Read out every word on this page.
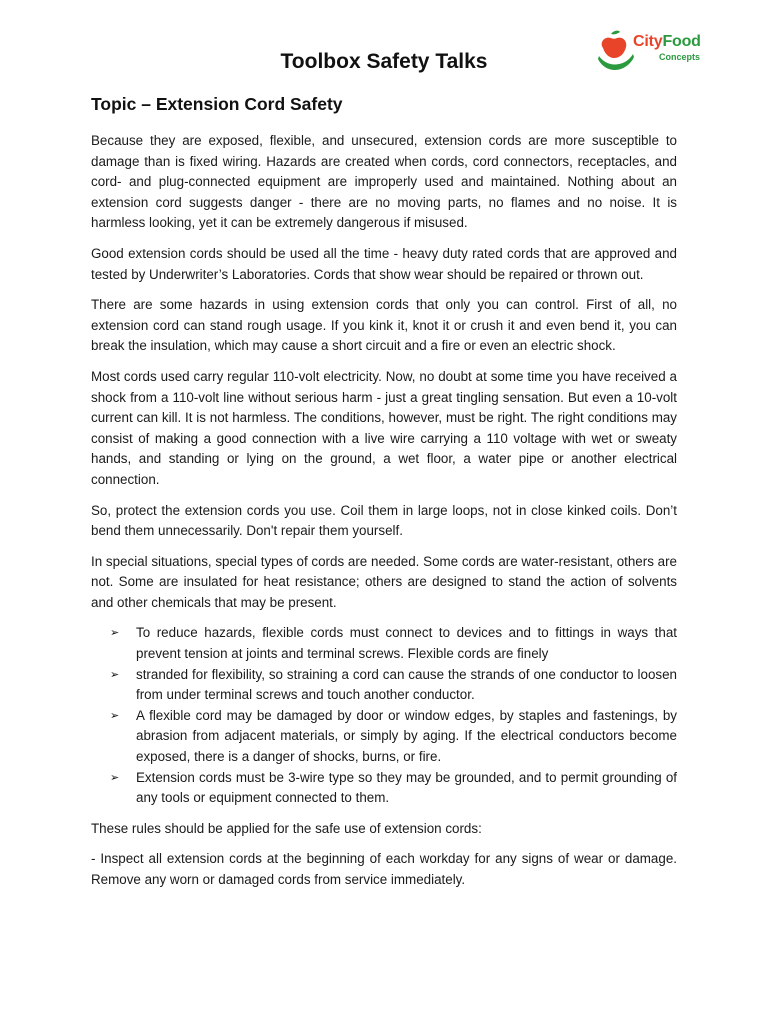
CityFood
Concepts
Toolbox Safety Talks
Topic – Extension Cord Safety

Because they are exposed, flexible, and unsecured, extension cords are more susceptible to damage than is fixed wiring. Hazards are created when cords, cord connectors, receptacles, and cord- and plug-connected equipment are improperly used and maintained. Nothing about an extension cord suggests danger - there are no moving parts, no flames and no noise. It is harmless looking, yet it can be extremely dangerous if misused.

Good extension cords should be used all the time - heavy duty rated cords that are approved and tested by Underwriter’s Laboratories. Cords that show wear should be repaired or thrown out.

There are some hazards in using extension cords that only you can control. First of all, no extension cord can stand rough usage. If you kink it, knot it or crush it and even bend it, you can break the insulation, which may cause a short circuit and a fire or even an electric shock.

Most cords used carry regular 110-volt electricity. Now, no doubt at some time you have received a shock from a 110-volt line without serious harm - just a great tingling sensation. But even a 10-volt current can kill. It is not harmless. The conditions, however, must be right. The right conditions may consist of making a good connection with a live wire carrying a 110 voltage with wet or sweaty hands, and standing or lying on the ground, a wet floor, a water pipe or another electrical connection.

So, protect the extension cords you use. Coil them in large loops, not in close kinked coils. Don’t bend them unnecessarily. Don't repair them yourself.

In special situations, special types of cords are needed. Some cords are water-resistant, others are not. Some are insulated for heat resistance; others are designed to stand the action of solvents and other chemicals that may be present.

➢ To reduce hazards, flexible cords must connect to devices and to fittings in ways that prevent tension at joints and terminal screws. Flexible cords are finely
➢ stranded for flexibility, so straining a cord can cause the strands of one conductor to loosen from under terminal screws and touch another conductor.
➢ A flexible cord may be damaged by door or window edges, by staples and fastenings, by abrasion from adjacent materials, or simply by aging. If the electrical conductors become exposed, there is a danger of shocks, burns, or fire.
➢ Extension cords must be 3-wire type so they may be grounded, and to permit grounding of any tools or equipment connected to them.

These rules should be applied for the safe use of extension cords:

- Inspect all extension cords at the beginning of each workday for any signs of wear or damage. Remove any worn or damaged cords from service immediately.
